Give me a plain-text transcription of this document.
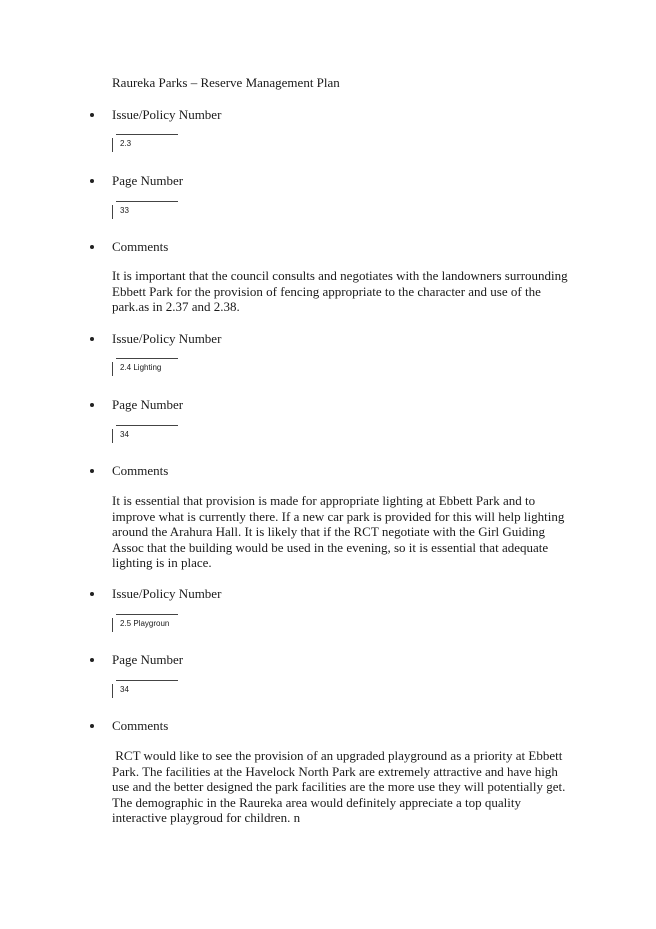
Raureka Parks – Reserve Management Plan
Issue/Policy Number
2.3
Page Number
33
Comments
It is important that the council consults and negotiates with the landowners surrounding Ebbett Park for the provision of fencing appropriate to the character and use of the park.as in 2.37 and 2.38.
Issue/Policy Number
2.4 Lighting
Page Number
34
Comments
It is essential that provision is made for appropriate lighting at Ebbett Park and to improve what is currently there. If a new car park is provided for this will help lighting around the Arahura Hall. It is likely that if the RCT negotiate with the Girl Guiding Assoc that the building would be used in the evening, so it is essential that adequate lighting is in place.
Issue/Policy Number
2.5 Playgroun
Page Number
34
Comments
RCT would like to see the provision of an upgraded playground as a priority at Ebbett Park. The facilities at the Havelock North Park are extremely attractive and have high use and the better designed the park facilities are the more use they will potentially get. The demographic in the Raureka area would definitely appreciate a top quality interactive playgroud for children. n
